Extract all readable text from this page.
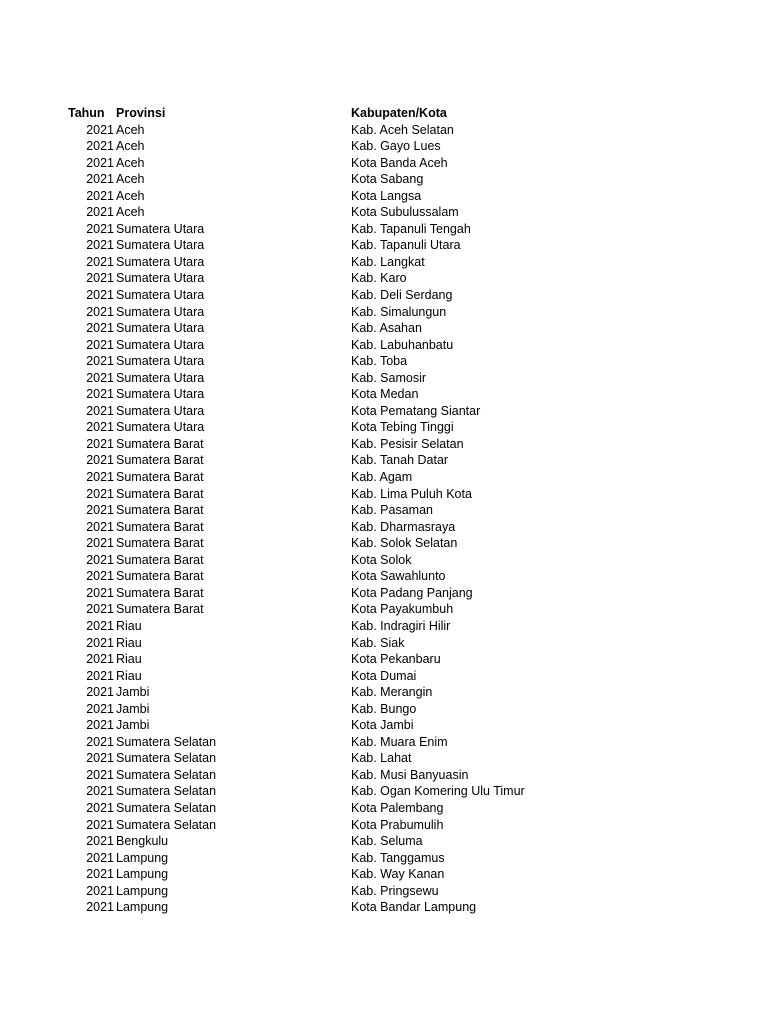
Tahun Provinsi	Kabupaten/Kota
2021 Aceh	Kab. Aceh Selatan
2021 Aceh	Kab. Gayo Lues
2021 Aceh	Kota Banda Aceh
2021 Aceh	Kota Sabang
2021 Aceh	Kota Langsa
2021 Aceh	Kota Subulussalam
2021 Sumatera Utara	Kab. Tapanuli Tengah
2021 Sumatera Utara	Kab. Tapanuli Utara
2021 Sumatera Utara	Kab. Langkat
2021 Sumatera Utara	Kab. Karo
2021 Sumatera Utara	Kab. Deli Serdang
2021 Sumatera Utara	Kab. Simalungun
2021 Sumatera Utara	Kab. Asahan
2021 Sumatera Utara	Kab. Labuhanbatu
2021 Sumatera Utara	Kab. Toba
2021 Sumatera Utara	Kab. Samosir
2021 Sumatera Utara	Kota Medan
2021 Sumatera Utara	Kota Pematang Siantar
2021 Sumatera Utara	Kota Tebing Tinggi
2021 Sumatera Barat	Kab. Pesisir Selatan
2021 Sumatera Barat	Kab. Tanah Datar
2021 Sumatera Barat	Kab. Agam
2021 Sumatera Barat	Kab. Lima Puluh Kota
2021 Sumatera Barat	Kab. Pasaman
2021 Sumatera Barat	Kab. Dharmasraya
2021 Sumatera Barat	Kab. Solok Selatan
2021 Sumatera Barat	Kota Solok
2021 Sumatera Barat	Kota Sawahlunto
2021 Sumatera Barat	Kota Padang Panjang
2021 Sumatera Barat	Kota Payakumbuh
2021 Riau	Kab. Indragiri Hilir
2021 Riau	Kab. Siak
2021 Riau	Kota Pekanbaru
2021 Riau	Kota Dumai
2021 Jambi	Kab. Merangin
2021 Jambi	Kab. Bungo
2021 Jambi	Kota Jambi
2021 Sumatera Selatan	Kab. Muara Enim
2021 Sumatera Selatan	Kab. Lahat
2021 Sumatera Selatan	Kab. Musi Banyuasin
2021 Sumatera Selatan	Kab. Ogan Komering Ulu Timur
2021 Sumatera Selatan	Kota Palembang
2021 Sumatera Selatan	Kota Prabumulih
2021 Bengkulu	Kab. Seluma
2021 Lampung	Kab. Tanggamus
2021 Lampung	Kab. Way Kanan
2021 Lampung	Kab. Pringsewu
2021 Lampung	Kota Bandar Lampung
